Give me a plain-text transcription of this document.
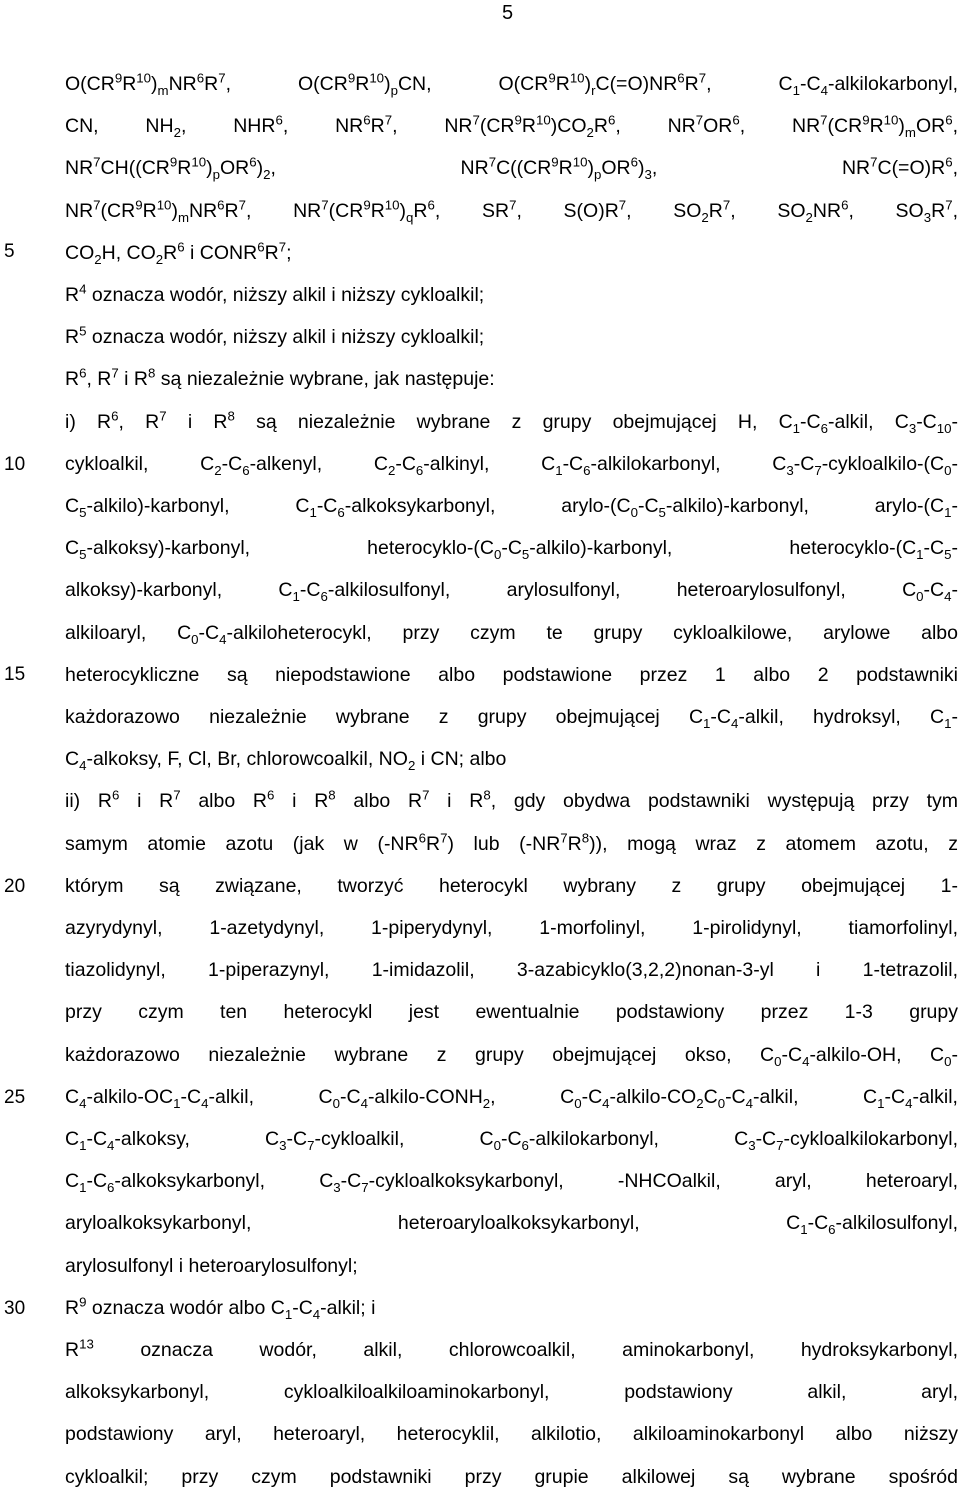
5
5
10
15
20
25
30
$O(CR^9R^{10})_mNR^6R^7$, $O(CR^9R^{10})_pCN$, $O(CR^9R^{10})_rC(=O)NR^6R^7$, $C_1-C_4$-alkilokarbonyl,
CN, $NH_2$, NHR$^6$, $NR^6R^7$, $NR^7(CR^9R^{10})CO_2R^6$, $NR^7OR^6$, $NR^7(CR^9R^{10})_mOR^6$,
$NR^7CH((CR^9R^{10})_pOR^6)_2$, $NR^7C((CR^9R^{10})_pOR^6)_3$, $NR^7C(=O)R^6$,
$NR^7(CR^9R^{10})_mNR^6R^7$, $NR^7(CR^9R^{10})_qR^6$, $SR^7$, $S(O)R^7$, $SO_2R^7$, $SO_2NR^6$, $SO_3R^7$,
$CO_2H$, $CO_2R^6$ i $CONR^6R^7$;
$R^4$ oznacza wodór, niższy alkil i niższy cykloalkil;
$R^5$ oznacza wodór, niższy alkil i niższy cykloalkil;
$R^6$, $R^7$ i $R^8$ są niezależnie wybrane, jak następuje:
i) $R^6$, $R^7$ i $R^8$ są niezależnie wybrane z grupy obejmującej H, $C_1-C_6$-alkil, $C_3-C_{10}-$
cykloalkil, $C_2-C_6$-alkenyl, $C_2-C_6$-alkinyl, $C_1-C_6$-alkilokarbonyl, $C_3-C_7-cykloalkilo-(C_0-$
$C_5-alkilo$)-karbonyl, $C_1-C_6$-alkoksykarbonyl, arylo-$(C_0-C_5-alkilo)$-karbonyl, arylo-($C_1-$
$C_5-alkoksy$)-karbonyl, heterocyklo-$(C_0-C_5-alkilo)$-karbonyl, heterocyklo-($C_1-C_5-$
alkoksy)-karbonyl, $C_1-C_6$-alkilosulfonyl, arylosulfonyl, heteroarylosulfonyl, $C_0-C_4-$
alkiloaryl, $C_0-C_4$-alkiloheterocykl, przy czym te grupy cykloalkilowe, arylowe albo
heterocykliczne są niepodstawione albo podstawione przez 1 albo 2 podstawniki
każdorazowo niezależnie wybrane z grupy obejmującej $C_1-C_4$-alkil, hydroksyl, $C_1-$
$C_4$-alkoksy, F, Cl, Br, chlorowcoalkil, $NO_2$ i CN; albo
ii) $R^6$ i $R^7$ albo $R^6$ i $R^8$ albo $R^7$ i $R^8$, gdy obydwa podstawniki występują przy tym
samym atomie azotu (jak w $(-NR^6R^7)$ lub $(-NR^7R^8)$), mogą wraz z atomem azotu, z
którym są związane, tworzyć heterocykl wybrany z grupy obejmującej 1-
azyrydynyl, 1-azetydynyl, 1-piperydynyl, 1-morfolinyl, 1-pirolidynyl, tiamorfolinyl,
tiazolidynyl, 1-piperazynyl, 1-imidazolil, 3-azabicyklo(3,2,2)nonan-3-yl i 1-tetrazolil,
przy czym ten heterocykl jest ewentualnie podstawiony przez 1-3 grupy
każdorazowo niezależnie wybrane z grupy obejmującej okso, $C_0-C_4-alkilo-OH$, $C_0-$
$C_4-alkilo-OC_1-C_4$-alkil, $C_0-C_4-alkilo-CONH_2$, $C_0-C_4-alkilo-CO_2C_0-C_4$-alkil, $C_1-C_4$-alkil,
$C_1-C_4$-alkoksy, $C_3-C_7$-cykloalkil, $C_0-C_6$-alkilokarbonyl, $C_3-C_7$-cykloalkilokarbonyl,
$C_1-C_6$-alkoksykarbonyl, $C_3-C_7$-cykloalkoksykarbonyl, -NHCOalkil, aryl, heteroaryl,
aryloalkoksykarbonyl, heteroaryloalkoksykarbonyl, $C_1-C_6$-alkilosulfonyl,
arylosulfonyl i heteroarylosulfonyl;
$R^9$ oznacza wodór albo $C_1-C_4$-alkil; i
$R^{13}$ oznacza wodór, alkil, chlorowcoalkil, aminokarbonyl, hydroksykarbonyl,
alkoksykarbonyl, cykloalkiloalkiloaminokarbonyl, podstawiony alkil, aryl,
podstawiony aryl, heteroaryl, heterocyklil, alkilotio, alkiloaminokarbonyl albo niższy
cykloalkil; przy czym podstawniki przy grupie alkilowej są wybrane spośród
